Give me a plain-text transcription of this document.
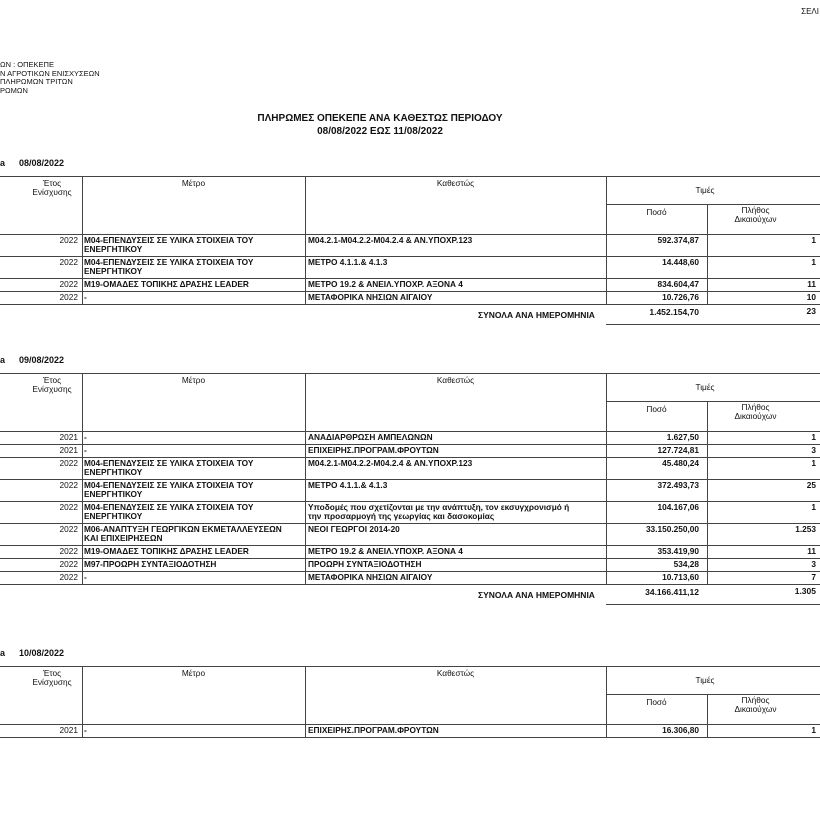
ΣΕΛΙ
ΩΝ : ΟΠΕΚΕΠΕ
Ν ΑΓΡΟΤΙΚΩΝ ΕΝΙΣΧΥΣΕΩΝ
ΠΛΗΡΩΜΩΝ ΤΡΙΤΩΝ
ΡΩΜΩΝ
ΠΛΗΡΩΜΕΣ ΟΠΕΚΕΠΕ ΑΝΑ ΚΑΘΕΣΤΩΣ ΠΕΡΙΟΔΟΥ
08/08/2022 ΕΩΣ 11/08/2022
а 08/08/2022
Έτος
Ενίσχυσης
Μέτρο	Καθεστώς
Τιμές
Ποσό	Πλήθος
Δικαιούχων
2022 Μ04-ΕΠΕΝΔΥΣΕΙΣ ΣΕ ΥΛΙΚΑ ΣΤΟΙΧΕΙΑ ΤΟΥ
ΕΝΕΡΓΗΤΙΚΟΥ
Μ04.2.1-Μ04.2.2-Μ04.2.4 & ΑΝ.ΥΠΟΧΡ.123	592.374,87	1
2022 Μ04-ΕΠΕΝΔΥΣΕΙΣ ΣΕ ΥΛΙΚΑ ΣΤΟΙΧΕΙΑ ΤΟΥ
ΕΝΕΡΓΗΤΙΚΟΥ
ΜΕΤΡΟ 4.1.1.& 4.1.3	14.448,60	1
2022 Μ19-ΟΜΑΔΕΣ ΤΟΠΙΚΗΣ ΔΡΑΣΗΣ LEADER	ΜΕΤΡΟ 19.2 & ΑΝΕΙΛ.ΥΠΟΧΡ. ΑΞΟΝΑ 4	834.604,47	11
2022 -	ΜΕΤΑΦΟΡΙΚΑ ΝΗΣΙΩΝ ΑΙΓΑΙΟΥ	10.726,76	10
ΣΥΝΟΛΑ ΑΝΑ ΗΜΕΡΟΜΗΝΙΑ	1.452.154,70	23
а 09/08/2022
Έτος
Ενίσχυσης
Μέτρο	Καθεστώς
Τιμές
Ποσό	Πλήθος
Δικαιούχων
2021 -	ΑΝΑΔΙΑΡΘΡΩΣΗ ΑΜΠΕΛΩΝΩΝ	1.627,50	1
2021 -	ΕΠΙΧΕΙΡΗΣ.ΠΡΟΓΡΑΜ.ΦΡΟΥΤΩΝ	127.724,81	3
2022 Μ04-ΕΠΕΝΔΥΣΕΙΣ ΣΕ ΥΛΙΚΑ ΣΤΟΙΧΕΙΑ ΤΟΥ
ΕΝΕΡΓΗΤΙΚΟΥ
Μ04.2.1-Μ04.2.2-Μ04.2.4 & ΑΝ.ΥΠΟΧΡ.123	45.480,24	1
2022 Μ04-ΕΠΕΝΔΥΣΕΙΣ ΣΕ ΥΛΙΚΑ ΣΤΟΙΧΕΙΑ ΤΟΥ
ΕΝΕΡΓΗΤΙΚΟΥ
ΜΕΤΡΟ 4.1.1.& 4.1.3	372.493,73	25
2022 Μ04-ΕΠΕΝΔΥΣΕΙΣ ΣΕ ΥΛΙΚΑ ΣΤΟΙΧΕΙΑ ΤΟΥ
ΕΝΕΡΓΗΤΙΚΟΥ
Υποδομές που σχετίζονται με την ανάπτυξη, τον εκσυγχρονισμό ή
την προσαρμογή της γεωργίας και δασοκομίας
104.167,06	1
2022 Μ06-ΑΝΑΠΤΥΞΗ ΓΕΩΡΓΙΚΩΝ ΕΚΜΕΤΑΛΛΕΥΣΕΩΝ
ΚΑΙ ΕΠΙΧΕΙΡΗΣΕΩΝ
ΝΕΟΙ ΓΕΩΡΓΟΙ 2014-20	33.150.250,00	1.253
2022 Μ19-ΟΜΑΔΕΣ ΤΟΠΙΚΗΣ ΔΡΑΣΗΣ LEADER	ΜΕΤΡΟ 19.2 & ΑΝΕΙΛ.ΥΠΟΧΡ. ΑΞΟΝΑ 4	353.419,90	11
2022 Μ97-ΠΡΟΩΡΗ ΣΥΝΤΑΞΙΟΔΟΤΗΣΗ	ΠΡΟΩΡΗ ΣΥΝΤΑΞΙΟΔΟΤΗΣΗ	534,28	3
2022 -	ΜΕΤΑΦΟΡΙΚΑ ΝΗΣΙΩΝ ΑΙΓΑΙΟΥ	10.713,60	7
ΣΥΝΟΛΑ ΑΝΑ ΗΜΕΡΟΜΗΝΙΑ	34.166.411,12	1.305
а 10/08/2022
Έτος
Ενίσχυσης
Μέτρο	Καθεστώς
Τιμές
Ποσό	Πλήθος
Δικαιούχων
2021 -	ΕΠΙΧΕΙΡΗΣ.ΠΡΟΓΡΑΜ.ΦΡΟΥΤΩΝ	16.306,80	1
